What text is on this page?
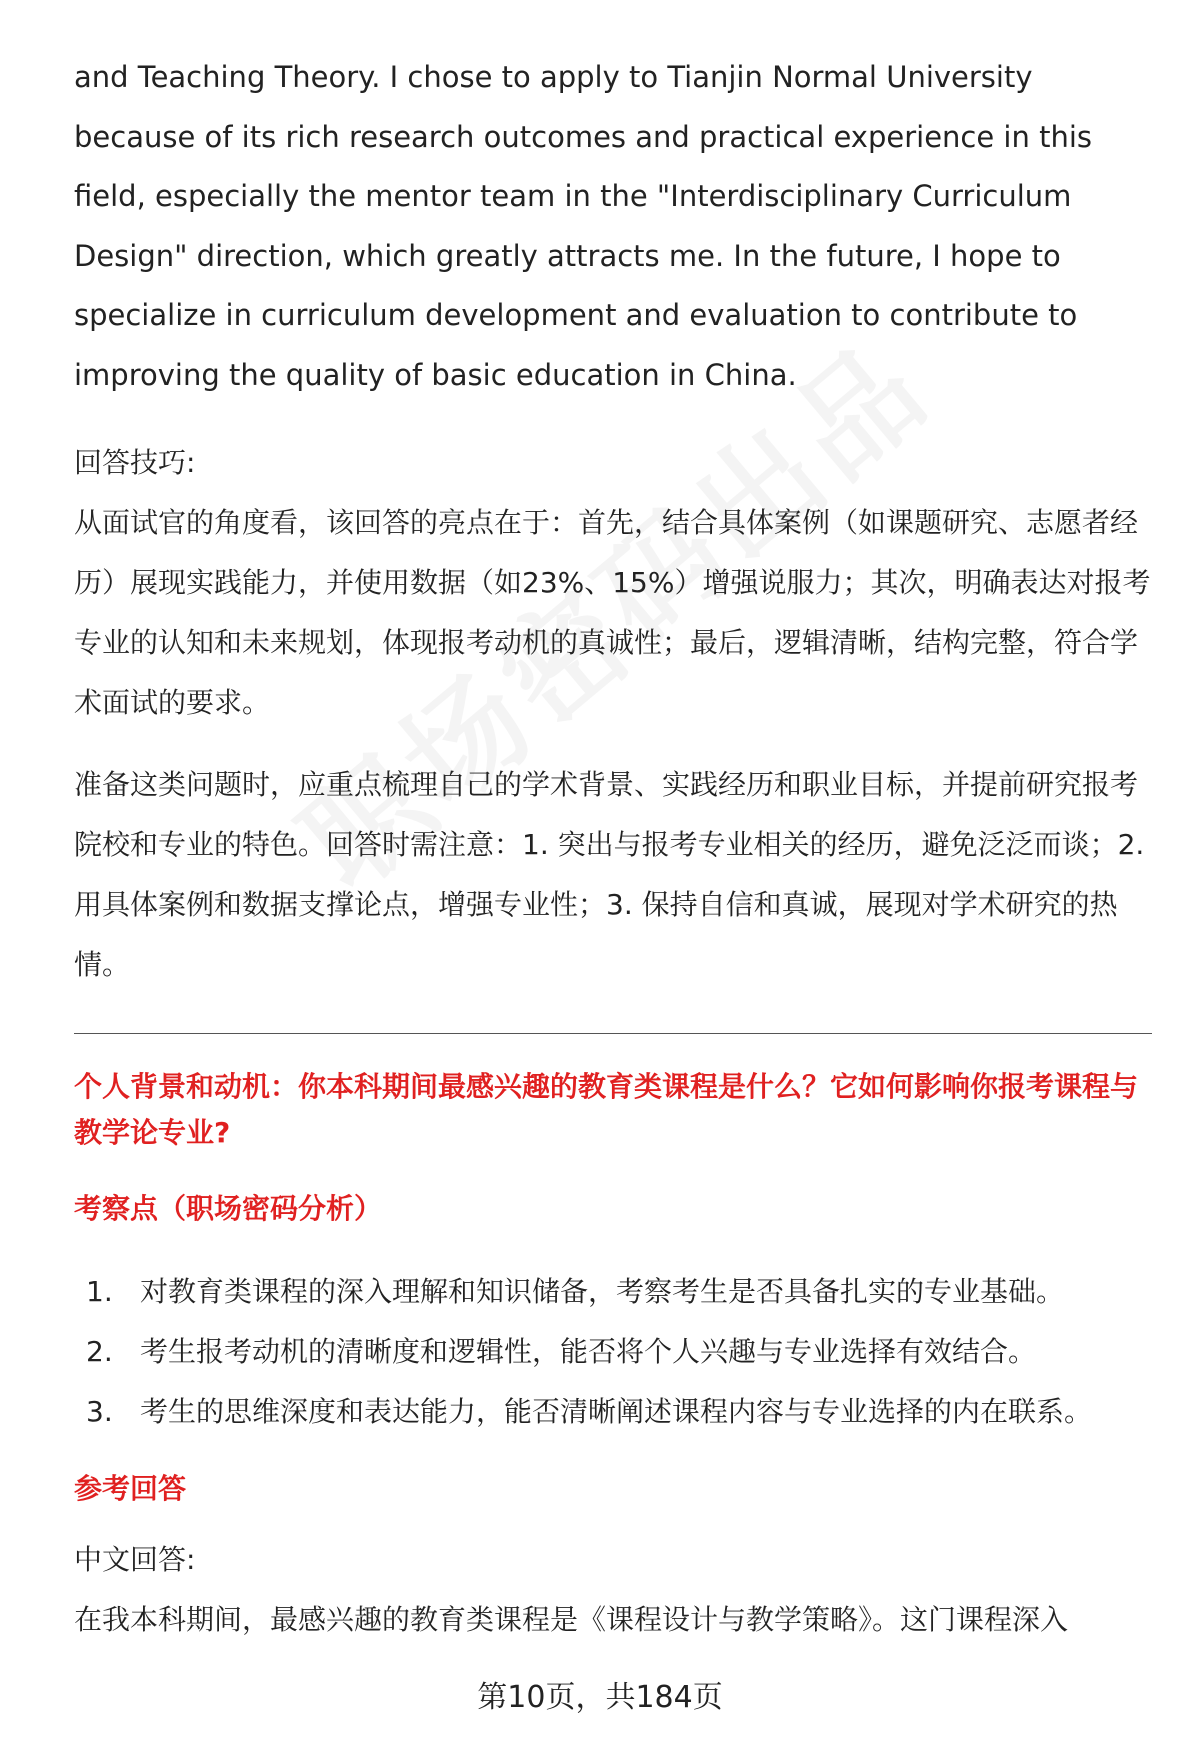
and Teaching Theory. I chose to apply to Tianjin Normal University because of its rich research outcomes and practical experience in this field, especially the mentor team in the "Interdisciplinary Curriculum Design" direction, which greatly attracts me. In the future, I hope to specialize in curriculum development and evaluation to contribute to improving the quality of basic education in China.

回答技巧:

从面试官的角度看，该回答的亮点在于：首先，结合具体案例（如课题研究、志愿者经历）展现实践能力，并使用数据（如23%、15%）增强说服力；其次，明确表达对报考专业的认知和未来规划，体现报考动机的真诚性；最后，逻辑清晰，结构完整，符合学术面试的要求。

准备这类问题时，应重点梳理自己的学术背景、实践经历和职业目标，并提前研究报考院校和专业的特色。回答时需注意：1. 突出与报考专业相关的经历，避免泛泛而谈；2. 用具体案例和数据支撑论点，增强专业性；3. 保持自信和真诚，展现对学术研究的热情。

个人背景和动机：你本科期间最感兴趣的教育类课程是什么？它如何影响你报考课程与教学论专业?

考察点（职场密码分析）

1. 对教育类课程的深入理解和知识储备，考察考生是否具备扎实的专业基础。
2. 考生报考动机的清晰度和逻辑性，能否将个人兴趣与专业选择有效结合。
3. 考生的思维深度和表达能力，能否清晰阐述课程内容与专业选择的内在联系。

参考回答

中文回答:

在我本科期间，最感兴趣的教育类课程是《课程设计与教学策略》。这门课程深入

第10页，共184页
